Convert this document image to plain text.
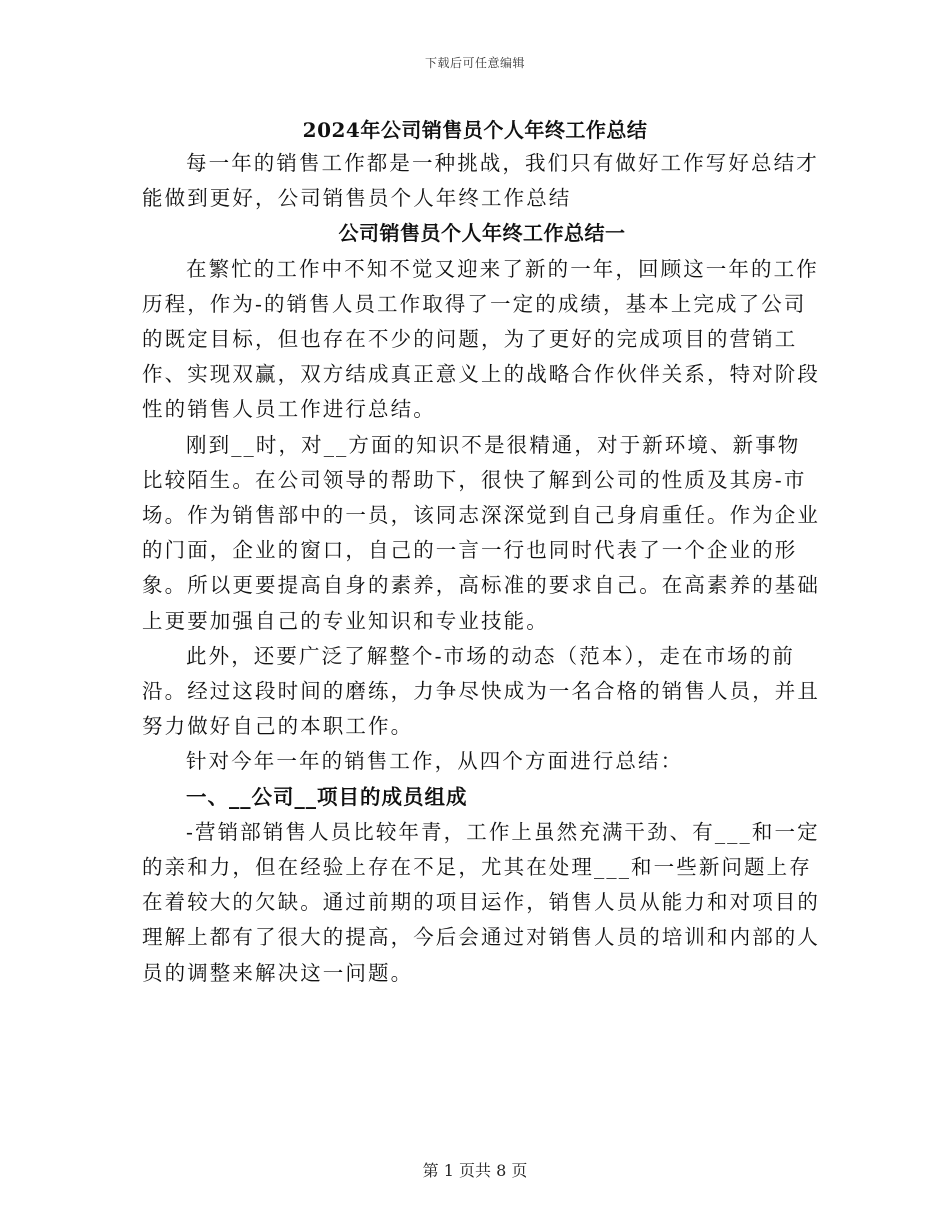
下载后可任意编辑
2024年公司销售员个人年终工作总结

每一年的销售工作都是一种挑战，我们只有做好工作写好总结才能做到更好，公司销售员个人年终工作总结

公司销售员个人年终工作总结一

在繁忙的工作中不知不觉又迎来了新的一年，回顾这一年的工作历程，作为-的销售人员工作取得了一定的成绩，基本上完成了公司的既定目标，但也存在不少的问题，为了更好的完成项目的营销工作、实现双赢，双方结成真正意义上的战略合作伙伴关系，特对阶段性的销售人员工作进行总结。

刚到__时，对__方面的知识不是很精通，对于新环境、新事物比较陌生。在公司领导的帮助下，很快了解到公司的性质及其房-市场。作为销售部中的一员，该同志深深觉到自己身肩重任。作为企业的门面，企业的窗口，自己的一言一行也同时代表了一个企业的形象。所以更要提高自身的素养，高标准的要求自己。在高素养的基础上更要加强自己的专业知识和专业技能。

此外，还要广泛了解整个-市场的动态（范本），走在市场的前沿。经过这段时间的磨练，力争尽快成为一名合格的销售人员，并且努力做好自己的本职工作。

针对今年一年的销售工作，从四个方面进行总结：

一、__公司__项目的成员组成

-营销部销售人员比较年青，工作上虽然充满干劲、有___和一定的亲和力，但在经验上存在不足，尤其在处理___和一些新问题上存在着较大的欠缺。通过前期的项目运作，销售人员从能力和对项目的理解上都有了很大的提高，今后会通过对销售人员的培训和内部的人员的调整来解决这一问题。

第 1 页共 8 页
